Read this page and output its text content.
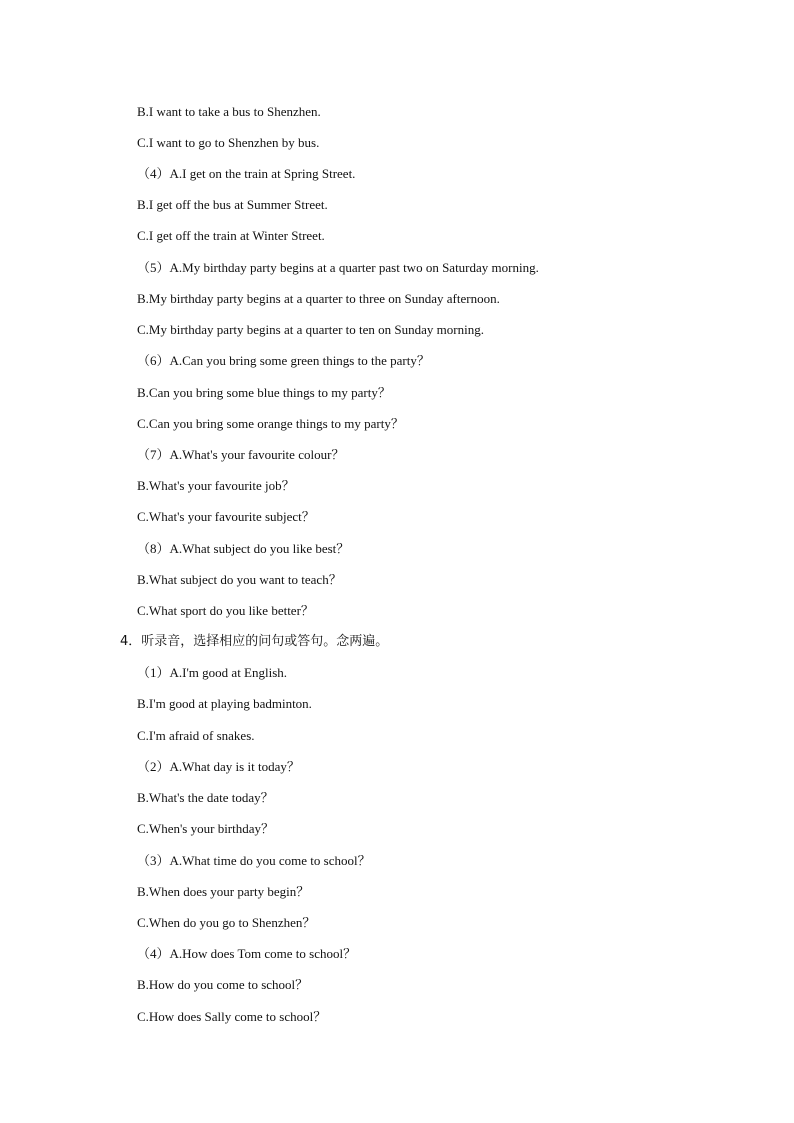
B.I want to take a bus to Shenzhen.
C.I want to go to Shenzhen by bus.
（4）A.I get on the train at Spring Street.
B.I get off the bus at Summer Street.
C.I get off the train at Winter Street.
（5）A.My birthday party begins at a quarter past two on Saturday morning.
B.My birthday party begins at a quarter to three on Sunday afternoon.
C.My birthday party begins at a quarter to ten on Sunday morning.
（6）A.Can you bring some green things to the party？
B.Can you bring some blue things to my party？
C.Can you bring some orange things to my party？
（7）A.What's your favourite colour？
B.What's your favourite job？
C.What's your favourite subject？
（8）A.What subject do you like best？
B.What subject do you want to teach？
C.What sport do you like better？
4．听录音，选择相应的问句或答句。念两遍。
（1）A.I'm good at English.
B.I'm good at playing badminton.
C.I'm afraid of snakes.
（2）A.What day is it today？
B.What's the date today？
C.When's your birthday？
（3）A.What time do you come to school？
B.When does your party begin？
C.When do you go to Shenzhen？
（4）A.How does Tom come to school？
B.How do you come to school？
C.How does Sally come to school？
